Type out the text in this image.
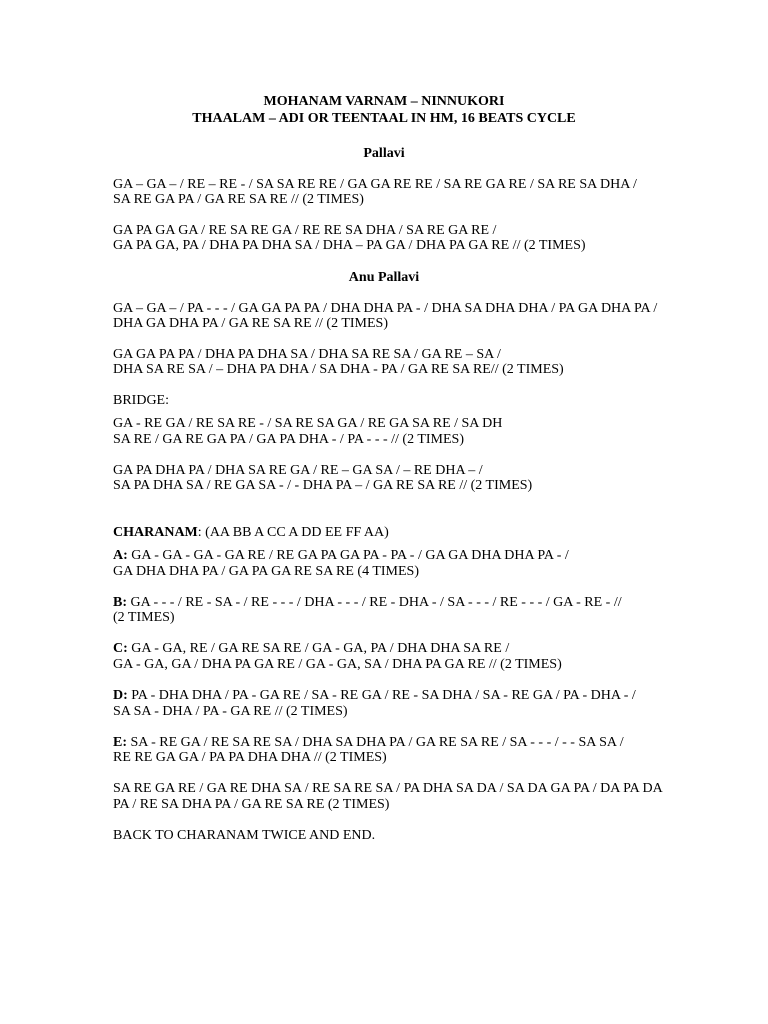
MOHANAM VARNAM – NINNUKORI
THAALAM – ADI OR TEENTAAL IN HM, 16 BEATS CYCLE
Pallavi
GA – GA – / RE – RE - / SA SA RE RE / GA GA RE RE / SA RE GA RE / SA RE SA DHA /
SA RE GA PA / GA RE SA RE // (2 TIMES)
GA PA GA GA / RE SA RE GA / RE RE SA DHA / SA RE GA RE /
GA PA GA, PA / DHA PA DHA SA / DHA – PA GA / DHA PA GA RE // (2 TIMES)
Anu Pallavi
GA – GA – / PA - - - / GA GA PA PA / DHA DHA PA - / DHA SA DHA DHA / PA GA DHA PA /
DHA GA DHA PA / GA RE SA RE // (2 TIMES)
GA GA PA PA / DHA PA DHA SA / DHA SA RE SA / GA RE – SA /
DHA SA RE SA / – DHA PA DHA / SA DHA - PA / GA RE SA RE// (2 TIMES)
BRIDGE:
GA - RE GA / RE SA RE - / SA RE SA GA / RE GA SA RE / SA DH
SA RE / GA RE GA PA / GA PA DHA - / PA - - - // (2 TIMES)
GA PA DHA PA / DHA SA RE GA / RE – GA SA / – RE DHA – /
SA PA DHA SA / RE GA SA - / - DHA PA – / GA RE SA RE // (2 TIMES)
CHARANAM: (AA BB A CC A DD EE FF AA)
A: GA - GA - GA - GA RE / RE GA PA GA PA - PA - / GA GA DHA DHA PA - /
GA DHA DHA PA / GA PA GA RE SA RE (4 TIMES)
B: GA - - - / RE - SA - / RE - - - / DHA - - - / RE - DHA - / SA - - - / RE - - - / GA - RE - //
(2 TIMES)
C: GA - GA, RE / GA RE SA RE / GA - GA, PA / DHA DHA SA RE /
GA - GA, GA / DHA PA GA RE / GA - GA, SA / DHA PA GA RE // (2 TIMES)
D: PA - DHA DHA / PA - GA RE / SA - RE GA / RE - SA DHA / SA - RE GA / PA - DHA - /
SA SA - DHA / PA - GA RE // (2 TIMES)
E: SA - RE GA / RE SA RE SA / DHA SA DHA PA / GA RE SA RE / SA - - - / - - SA SA /
RE RE GA GA / PA PA DHA DHA // (2 TIMES)
SA RE GA RE / GA RE DHA SA / RE SA RE SA / PA DHA SA DA / SA DA GA PA / DA PA DA
PA / RE SA DHA PA / GA RE SA RE (2 TIMES)
BACK TO CHARANAM TWICE AND END.
